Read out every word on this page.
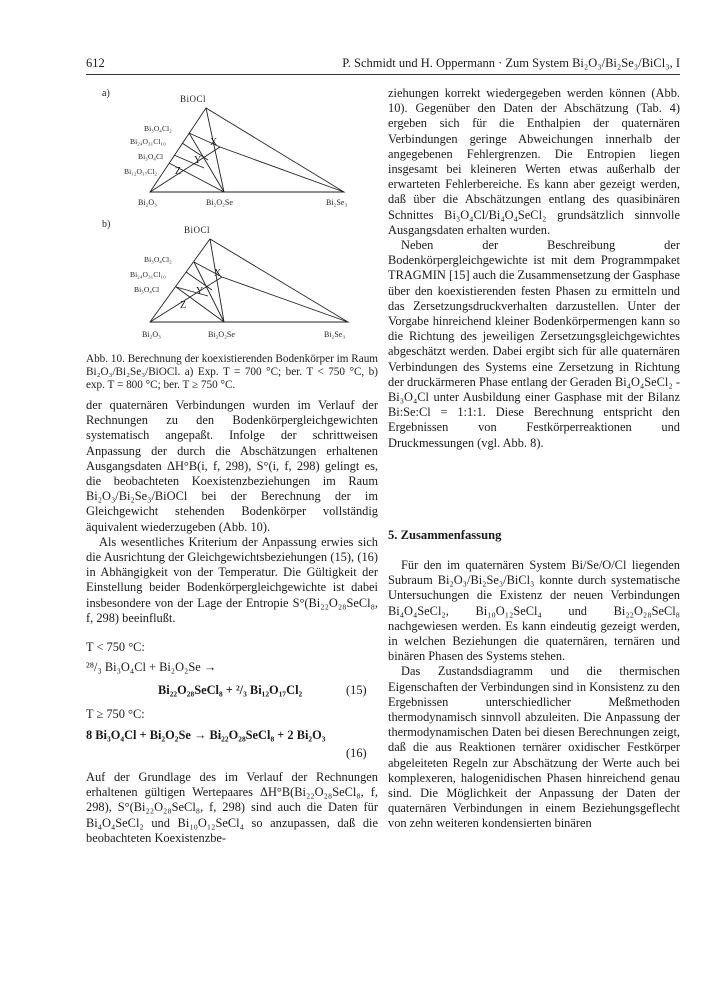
612	P. Schmidt und H. Oppermann · Zum System Bi₂O₃/Bi₂Se₃/BiCl₃, I
a)	BiOCl
Bi₃O₄Cl₂
Bi₂₄O₃₁Cl₁₀
Bi₃O₄Cl
Bi₁₂O₁₇Cl₂
X
Y
Z
Bi₂O₃	Bi₂O₂Se	Bi₂Se₃
b)	BiOCl
Bi₃O₄Cl₂
Bi₂₄O₃₁Cl₁₀
Bi₃O₄Cl
X
Y
Z
Bi₂O₃	Bi₂O₂Se	Bi₂Se₃
Abb. 10. Berechnung der koexistierenden Bodenkörper im Raum Bi₂O₃/Bi₂Se₃/BiOCl. a) Exp. T = 700 °C; ber. T < 750 °C, b) exp. T = 800 °C; ber. T ≥ 750 °C.

der quaternären Verbindungen wurden im Verlauf der Rechnungen zu den Bodenkörpergleichgewichten systematisch angepaßt. Infolge der schrittweisen Anpassung der durch die Abschätzungen erhaltenen Ausgangsdaten ΔH°B(i, f, 298), S°(i, f, 298) gelingt es, die beobachteten Koexistenzbeziehungen im Raum Bi₂O₃/Bi₂Se₃/BiOCl bei der Berechnung der im Gleichgewicht stehenden Bodenkörper vollständig äquivalent wiederzugeben (Abb. 10).

Als wesentliches Kriterium der Anpassung erwies sich die Ausrichtung der Gleichgewichtsbeziehungen (15), (16) in Abhängigkeit von der Temperatur. Die Gültigkeit der Einstellung beider Bodenkörpergleichgewichte ist dabei insbesondere von der Lage der Entropie S°(Bi₂₂O₂₈SeCl₈, f, 298) beeinflußt.

T < 750 °C:
²⁸/₃ Bi₃O₄Cl + Bi₂O₂Se →
Bi₂₂O₂₈SeCl₈ + ²/₃ Bi₁₂O₁₇Cl₂	(15)
T ≥ 750 °C:
8 Bi₃O₄Cl + Bi₂O₂Se → Bi₂₂O₂₈SeCl₈ + 2 Bi₂O₃
(16)

Auf der Grundlage des im Verlauf der Rechnungen erhaltenen gültigen Wertepaares ΔH°B(Bi₂₂O₂₈SeCl₈, f, 298), S°(Bi₂₂O₂₈SeCl₈, f, 298) sind auch die Daten für Bi₄O₄SeCl₂ und Bi₁₀O₁₂SeCl₄ so anzupassen, daß die beobachteten Koexistenzbe-

ziehungen korrekt wiedergegeben werden können (Abb. 10). Gegenüber den Daten der Abschätzung (Tab. 4) ergeben sich für die Enthalpien der quaternären Verbindungen geringe Abweichungen innerhalb der angegebenen Fehlergrenzen. Die Entropien liegen insgesamt bei kleineren Werten etwas außerhalb der erwarteten Fehlerbereiche. Es kann aber gezeigt werden, daß über die Abschätzungen entlang des quasibinären Schnittes Bi₃O₄Cl/Bi₄O₄SeCl₂ grundsätzlich sinnvolle Ausgangsdaten erhalten wurden.

Neben der Beschreibung der Bodenkörpergleichgewichte ist mit dem Programmpaket TRAGMIN [15] auch die Zusammensetzung der Gasphase über den koexistierenden festen Phasen zu ermitteln und das Zersetzungsdruckverhalten darzustellen. Unter der Vorgabe hinreichend kleiner Bodenkörpermengen kann so die Richtung des jeweiligen Zersetzungsgleichgewichtes abgeschätzt werden. Dabei ergibt sich für alle quaternären Verbindungen des Systems eine Zersetzung in Richtung der druckärmeren Phase entlang der Geraden Bi₄O₄SeCl₂ - Bi₃O₄Cl unter Ausbildung einer Gasphase mit der Bilanz Bi:Se:Cl = 1:1:1. Diese Berechnung entspricht den Ergebnissen von Festkörperreaktionen und Druckmessungen (vgl. Abb. 8).

5. Zusammenfassung

Für den im quaternären System Bi/Se/O/Cl liegenden Subraum Bi₂O₃/Bi₂Se₃/BiCl₃ konnte durch systematische Untersuchungen die Existenz der neuen Verbindungen Bi₄O₄SeCl₂, Bi₁₀O₁₂SeCl₄ und Bi₂₂O₂₈SeCl₈ nachgewiesen werden. Es kann eindeutig gezeigt werden, in welchen Beziehungen die quaternären, ternären und binären Phasen des Systems stehen.

Das Zustandsdiagramm und die thermischen Eigenschaften der Verbindungen sind in Konsistenz zu den Ergebnissen unterschiedlicher Meßmethoden thermodynamisch sinnvoll abzuleiten. Die Anpassung der thermodynamischen Daten bei diesen Berechnungen zeigt, daß die aus Reaktionen ternärer oxidischer Festkörper abgeleiteten Regeln zur Abschätzung der Werte auch bei komplexeren, halogenidischen Phasen hinreichend genau sind. Die Möglichkeit der Anpassung der Daten der quaternären Verbindungen in einem Beziehungsgeflecht von zehn weiteren kondensierten binären
